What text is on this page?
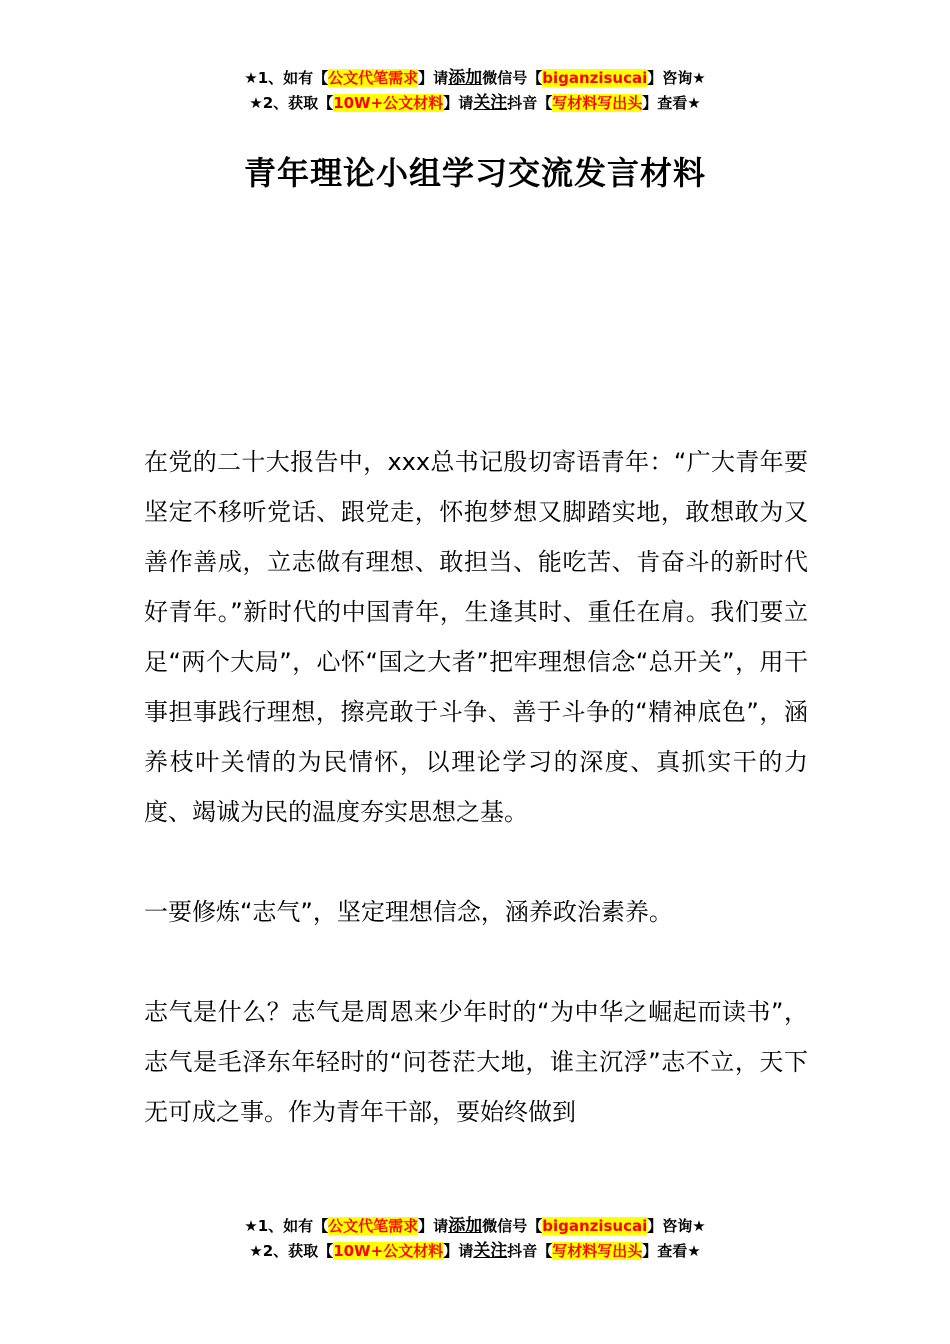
★1、如有【公文代笔需求】请添加微信号【biganzisucai】咨询★
★2、获取【10W+公文材料】请关注抖音【写材料写出头】查看★
青年理论小组学习交流发言材料

在党的二十大报告中，xxx总书记殷切寄语青年：“广大青年要坚定不移听党话、跟党走，怀抱梦想又脚踏实地，敢想敢为又善作善成，立志做有理想、敢担当、能吃苦、肯奋斗的新时代好青年。”新时代的中国青年，生逢其时、重任在肩。我们要立足“两个大局”，心怀“国之大者”把牢理想信念“总开关”，用干事担事践行理想，擦亮敢于斗争、善于斗争的“精神底色”，涵养枝叶关情的为民情怀，以理论学习的深度、真抓实干的力度、竭诚为民的温度夯实思想之基。

一要修炼“志气”，坚定理想信念，涵养政治素养。

志气是什么？志气是周恩来少年时的“为中华之崛起而读书”，志气是毛泽东年轻时的“问苍茫大地，谁主沉浮”志不立，天下无可成之事。作为青年干部，要始终做到

★1、如有【公文代笔需求】请添加微信号【biganzisucai】咨询★
★2、获取【10W+公文材料】请关注抖音【写材料写出头】查看★
